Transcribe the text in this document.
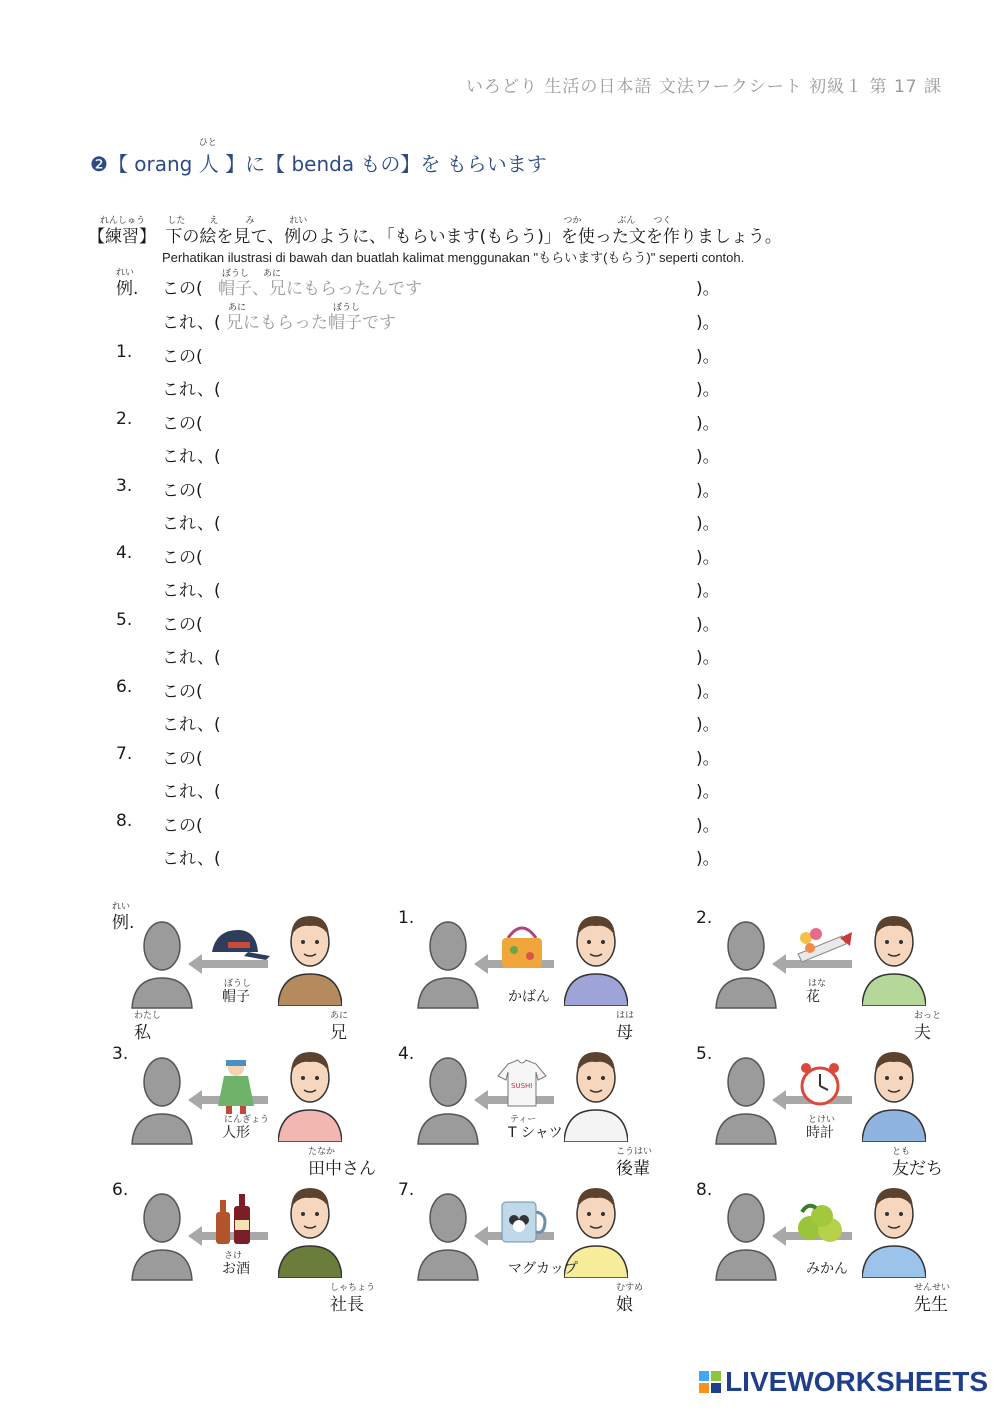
いろどり 生活の日本語 文法ワークシート 初級１ 第 17 課
❷【 orang
ひと
人 】に【 benda もの】を もらいます
れんしゅう
【練習】
した	え	み	れい	つか	ぶん つく
下の絵を見て、例のように、「もらいます(もらう)」を使った文を作りましょう。
Perhatikan ilustrasi di bawah dan buatlah kalimat menggunakan "もらいます(もらう)" seperti contoh.
れい
例. この(
ぼうし あに
帽子、兄にもらったんです	)。
これ、(
あに	ぼうし
兄にもらった帽子です	)。
1. この(	)。
これ、(	)。
2. この(	)。
これ、(	)。
3. この(	)。
これ、(	)。
4. この(	)。
これ、(	)。
5. この(	)。
これ、(	)。
6. この(	)。
これ、(	)。
7. この(	)。
これ、(	)。
8. この(	)。
これ、(	)。
れい
例.
ぼうし
帽子
わたし
私
あに
兄
1.
かばん
はは
母
2.
はな
花
おっと
夫
3.
にんぎょう
人形
たなか
田中さん
4.
SUSHI
ティー
T シャツ
こうはい
後輩
5.
とけい
時計
とも
友だち
6.
さけ
お酒
しゃちょう
社長
7.
マグカップ
むすめ
娘
8.
みかん
せんせい
先生
LIVEWORKSHEETS
